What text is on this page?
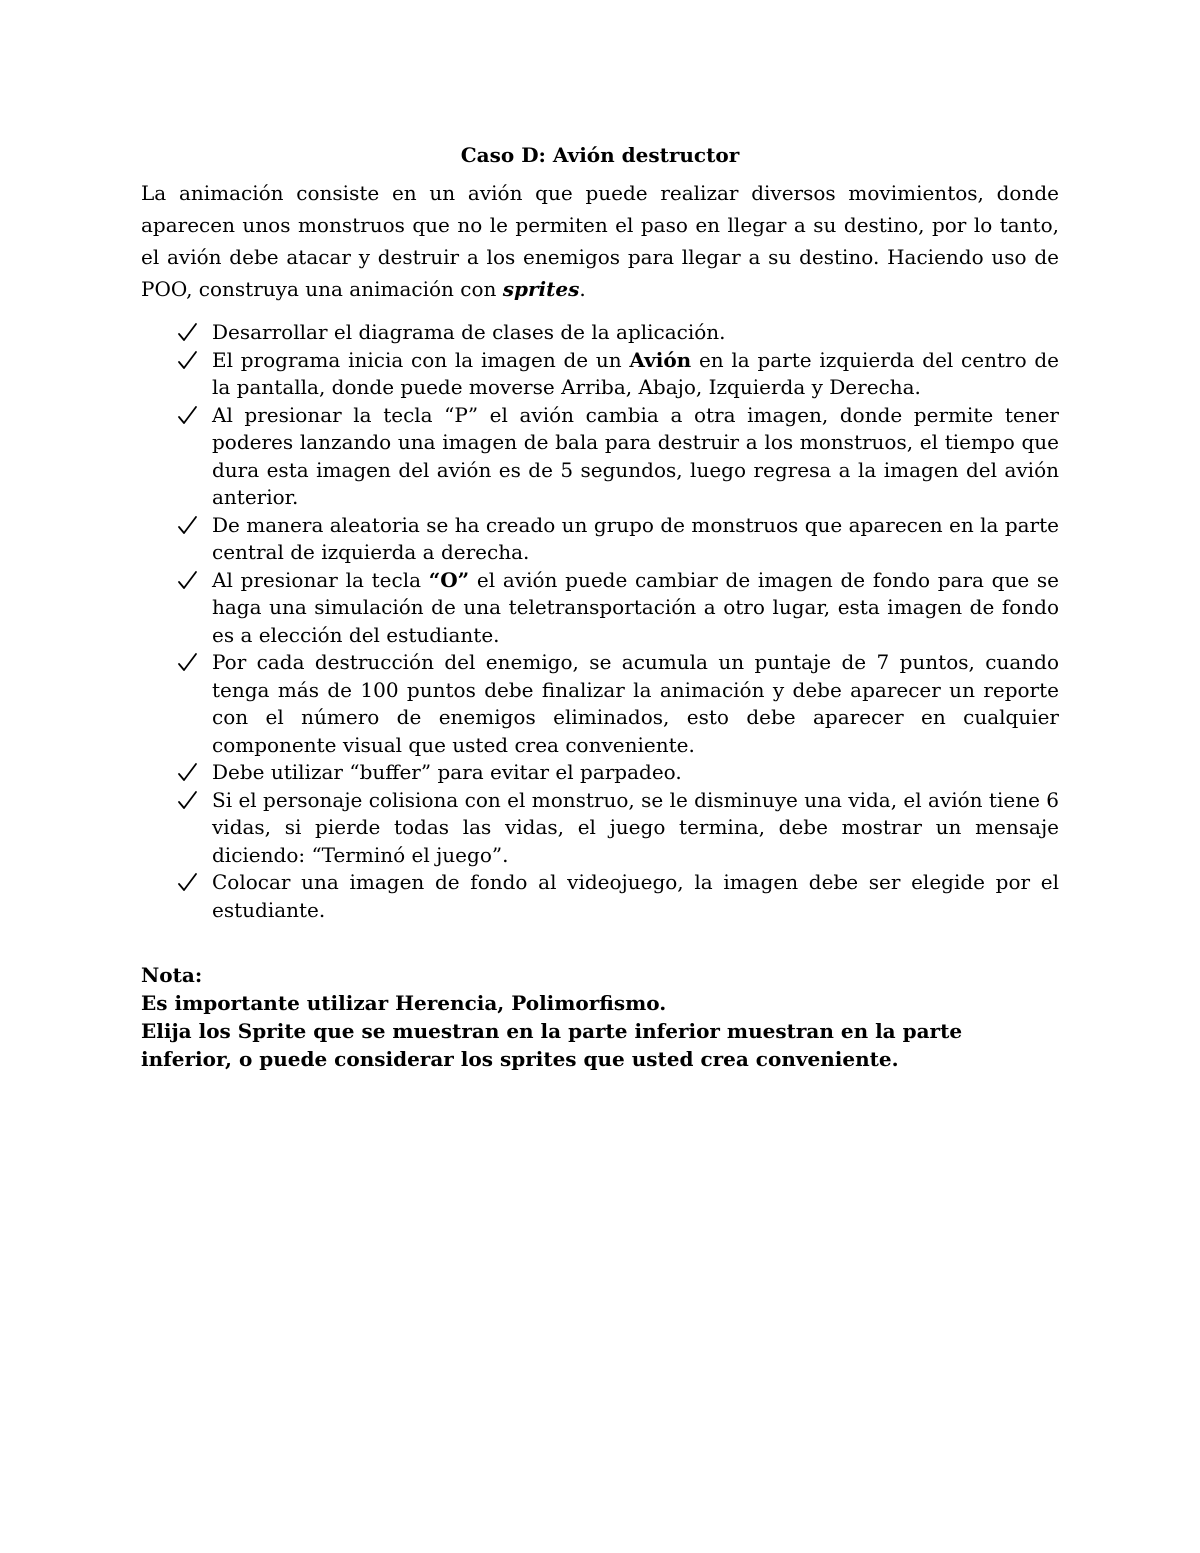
Caso D: Avión destructor

La animación consiste en un avión que puede realizar diversos movimientos, donde aparecen unos monstruos que no le permiten el paso en llegar a su destino, por lo tanto, el avión debe atacar y destruir a los enemigos para llegar a su destino. Haciendo uso de POO, construya una animación con sprites.

Desarrollar el diagrama de clases de la aplicación.
El programa inicia con la imagen de un Avión en la parte izquierda del centro de la pantalla, donde puede moverse Arriba, Abajo, Izquierda y Derecha.
Al presionar la tecla “P” el avión cambia a otra imagen, donde permite tener poderes lanzando una imagen de bala para destruir a los monstruos, el tiempo que dura esta imagen del avión es de 5 segundos, luego regresa a la imagen del avión anterior.
De manera aleatoria se ha creado un grupo de monstruos que aparecen en la parte central de izquierda a derecha.
Al presionar la tecla “O” el avión puede cambiar de imagen de fondo para que se haga una simulación de una teletransportación a otro lugar, esta imagen de fondo es a elección del estudiante.
Por cada destrucción del enemigo, se acumula un puntaje de 7 puntos, cuando tenga más de 100 puntos debe finalizar la animación y debe aparecer un reporte con el número de enemigos eliminados, esto debe aparecer en cualquier componente visual que usted crea conveniente.
Debe utilizar “buffer” para evitar el parpadeo.
Si el personaje colisiona con el monstruo, se le disminuye una vida, el avión tiene 6 vidas, si pierde todas las vidas, el juego termina, debe mostrar un mensaje diciendo: “Terminó el juego”.
Colocar una imagen de fondo al videojuego, la imagen debe ser elegide por el estudiante.

Nota:

Es importante utilizar Herencia, Polimorfismo.

Elija los Sprite que se muestran en la parte inferior muestran en la parte inferior, o puede considerar los sprites que usted crea conveniente.
